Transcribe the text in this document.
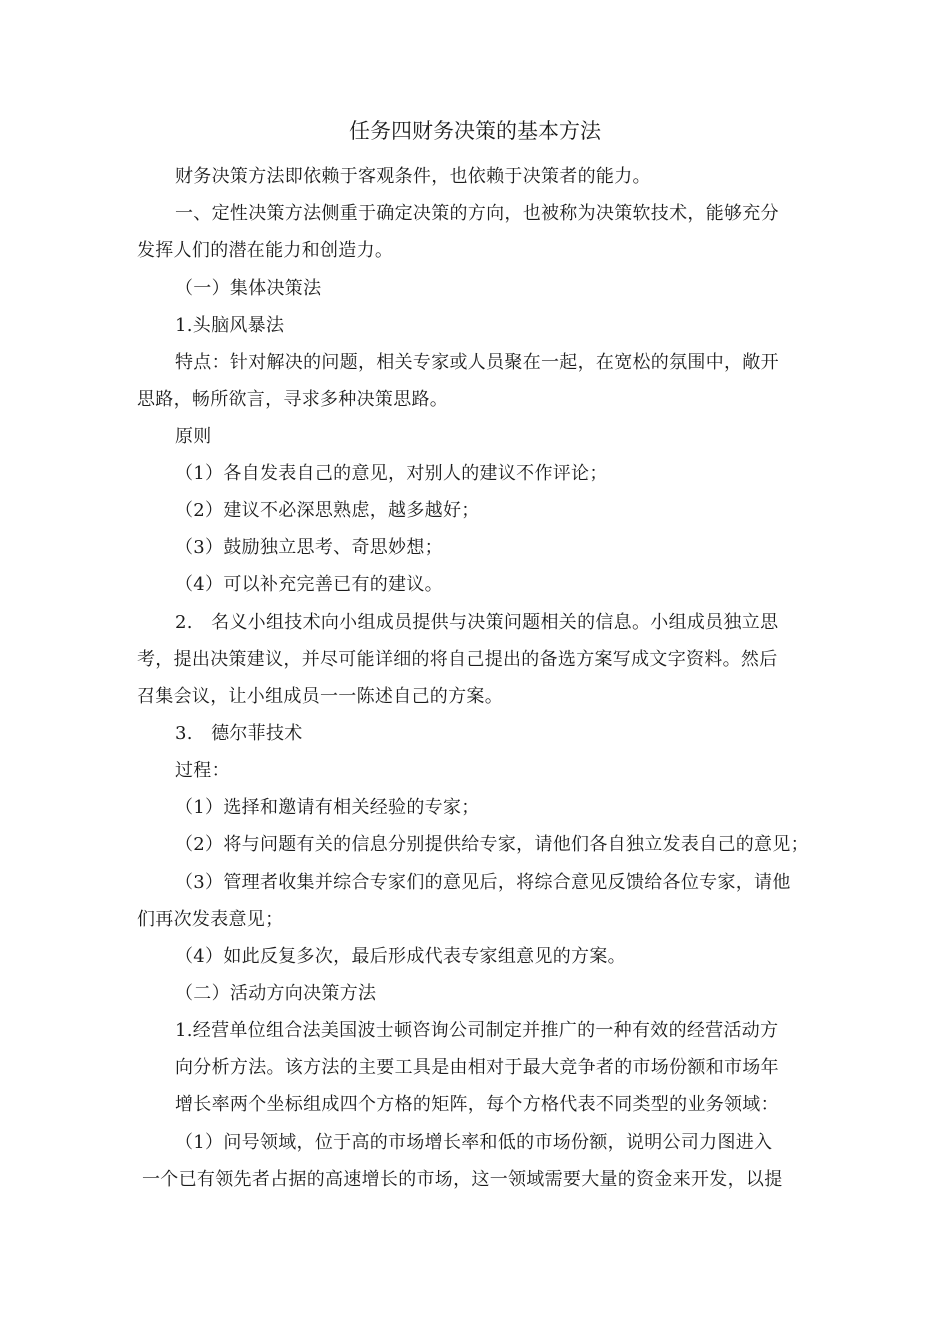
任务四财务决策的基本方法
财务决策方法即依赖于客观条件，也依赖于决策者的能力。
一、定性决策方法侧重于确定决策的方向，也被称为决策软技术，能够充分
发挥人们的潜在能力和创造力。
（一）集体决策法
1.头脑风暴法
特点：针对解决的问题，相关专家或人员聚在一起，在宽松的氛围中，敞开
思路，畅所欲言，寻求多种决策思路。
原则
（1）各自发表自己的意见，对别人的建议不作评论；
（2）建议不必深思熟虑，越多越好；
（3）鼓励独立思考、奇思妙想；
（4）可以补充完善已有的建议。
2.　名义小组技术向小组成员提供与决策问题相关的信息。小组成员独立思
考，提出决策建议，并尽可能详细的将自己提出的备选方案写成文字资料。然后
召集会议，让小组成员一一陈述自己的方案。
3.　德尔菲技术
过程：
（1）选择和邀请有相关经验的专家；
（2）将与问题有关的信息分别提供给专家，请他们各自独立发表自己的意见；
（3）管理者收集并综合专家们的意见后，将综合意见反馈给各位专家，请他
们再次发表意见；
（4）如此反复多次，最后形成代表专家组意见的方案。
（二）活动方向决策方法
1.经营单位组合法美国波士顿咨询公司制定并推广的一种有效的经营活动方
向分析方法。该方法的主要工具是由相对于最大竞争者的市场份额和市场年
增长率两个坐标组成四个方格的矩阵，每个方格代表不同类型的业务领域：
（1）问号领域，位于高的市场增长率和低的市场份额，说明公司力图进入
一个已有领先者占据的高速增长的市场，这一领域需要大量的资金来开发，以提
